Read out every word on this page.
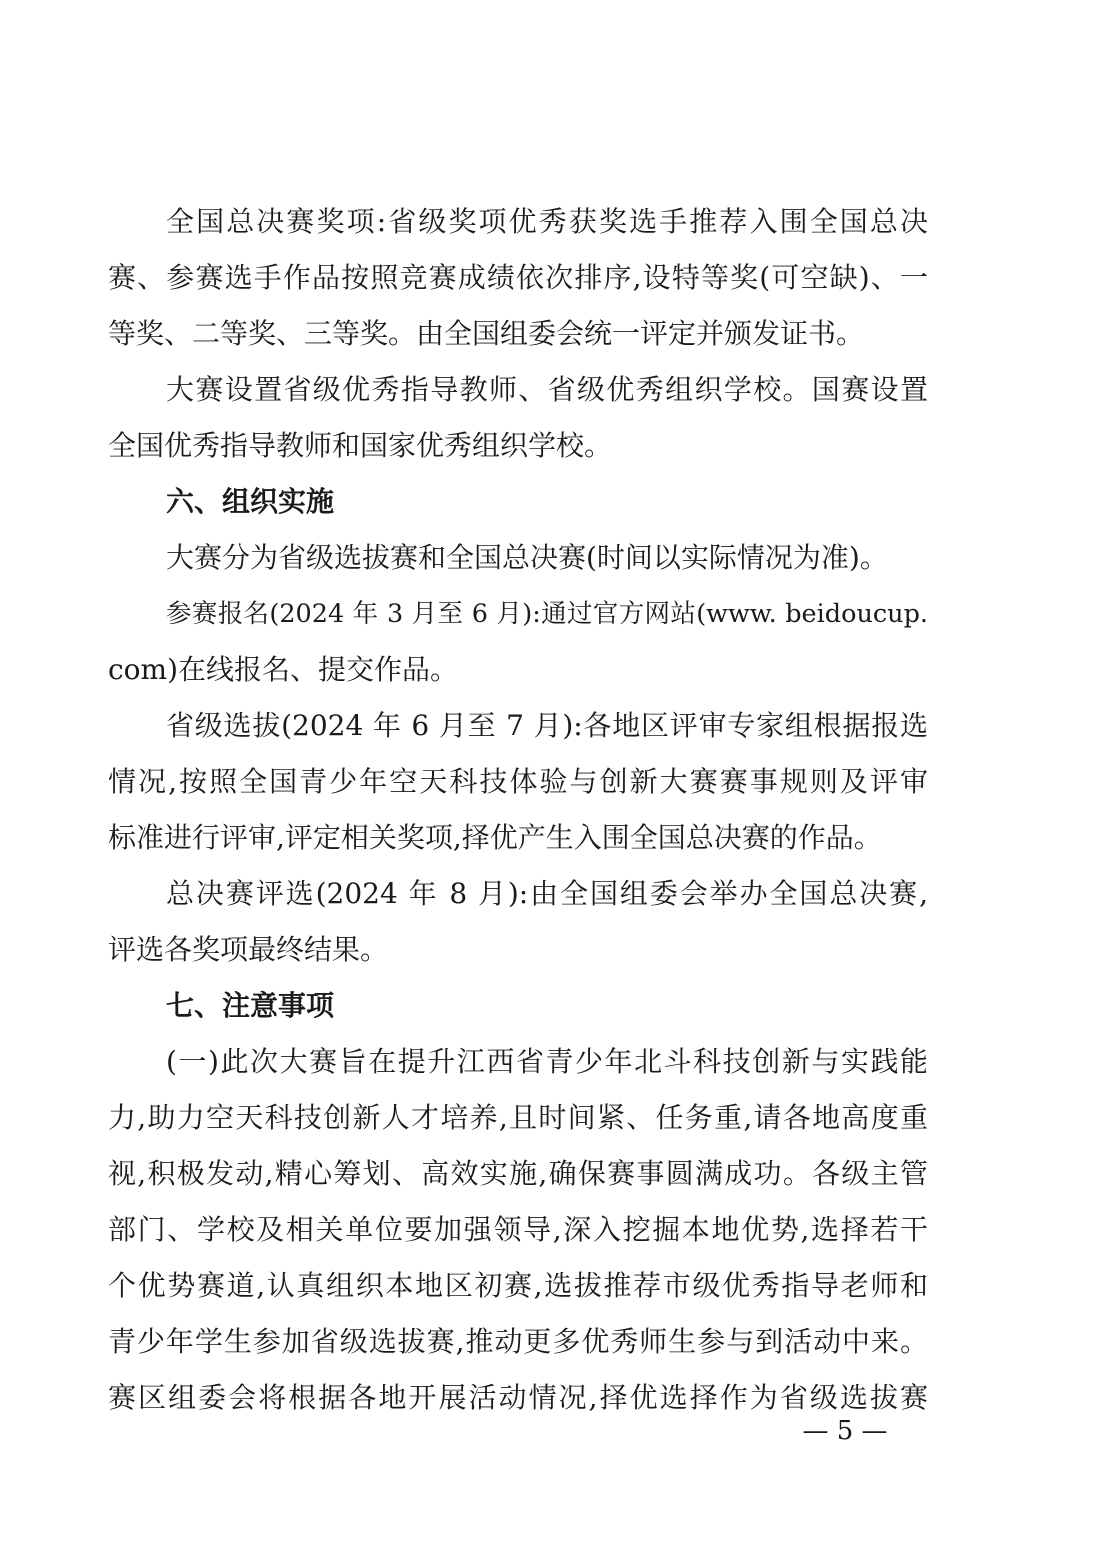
全国总决赛奖项:省级奖项优秀获奖选手推荐入围全国总决
赛、参赛选手作品按照竞赛成绩依次排序,设特等奖(可空缺)、一
等奖、二等奖、三等奖。由全国组委会统一评定并颁发证书。
大赛设置省级优秀指导教师、省级优秀组织学校。国赛设置
全国优秀指导教师和国家优秀组织学校。
六、组织实施
大赛分为省级选拔赛和全国总决赛(时间以实际情况为准)。
参赛报名(2024 年 3 月至 6 月):通过官方网站(www. beidoucup.
com)在线报名、提交作品。
省级选拔(2024 年 6 月至 7 月):各地区评审专家组根据报选
情况,按照全国青少年空天科技体验与创新大赛赛事规则及评审
标准进行评审,评定相关奖项,择优产生入围全国总决赛的作品。
总决赛评选(2024 年 8 月):由全国组委会举办全国总决赛,
评选各奖项最终结果。
七、注意事项
(一)此次大赛旨在提升江西省青少年北斗科技创新与实践能
力,助力空天科技创新人才培养,且时间紧、任务重,请各地高度重
视,积极发动,精心筹划、高效实施,确保赛事圆满成功。各级主管
部门、学校及相关单位要加强领导,深入挖掘本地优势,选择若干
个优势赛道,认真组织本地区初赛,选拔推荐市级优秀指导老师和
青少年学生参加省级选拔赛,推动更多优秀师生参与到活动中来。
赛区组委会将根据各地开展活动情况,择优选择作为省级选拔赛
— 5 —
